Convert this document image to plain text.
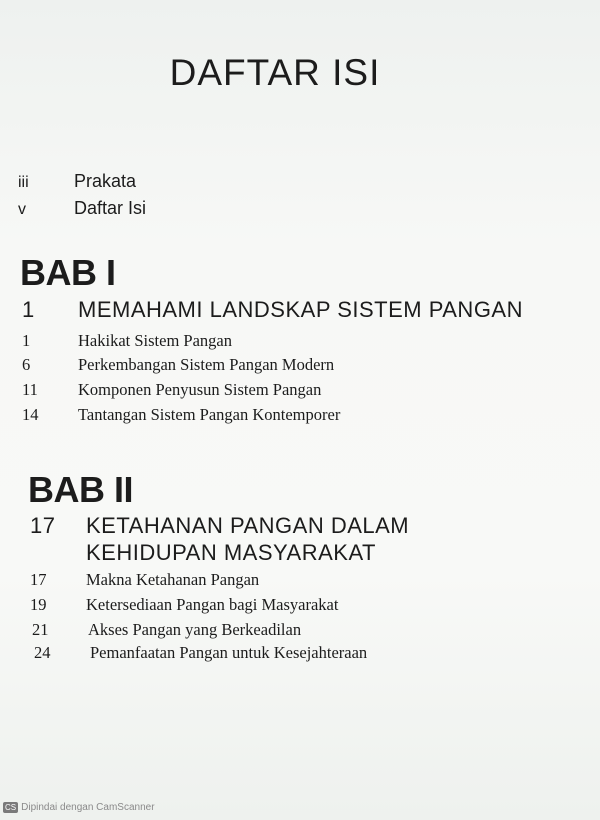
DAFTAR ISI
iii	Prakata
v	Daftar Isi
BAB I
1 MEMAHAMI LANDSKAP SISTEM PANGAN
1	Hakikat Sistem Pangan
6	Perkembangan Sistem Pangan Modern
11 Komponen Penyusun Sistem Pangan
14 Tantangan Sistem Pangan Kontemporer
BAB II
17 KETAHANAN PANGAN DALAM
KEHIDUPAN MASYARAKAT
17 Makna Ketahanan Pangan
19 Ketersediaan Pangan bagi Masyarakat
21 Akses Pangan yang Berkeadilan
24 Pemanfaatan Pangan untuk Kesejahteraan
CS Dipindai dengan CamScanner
